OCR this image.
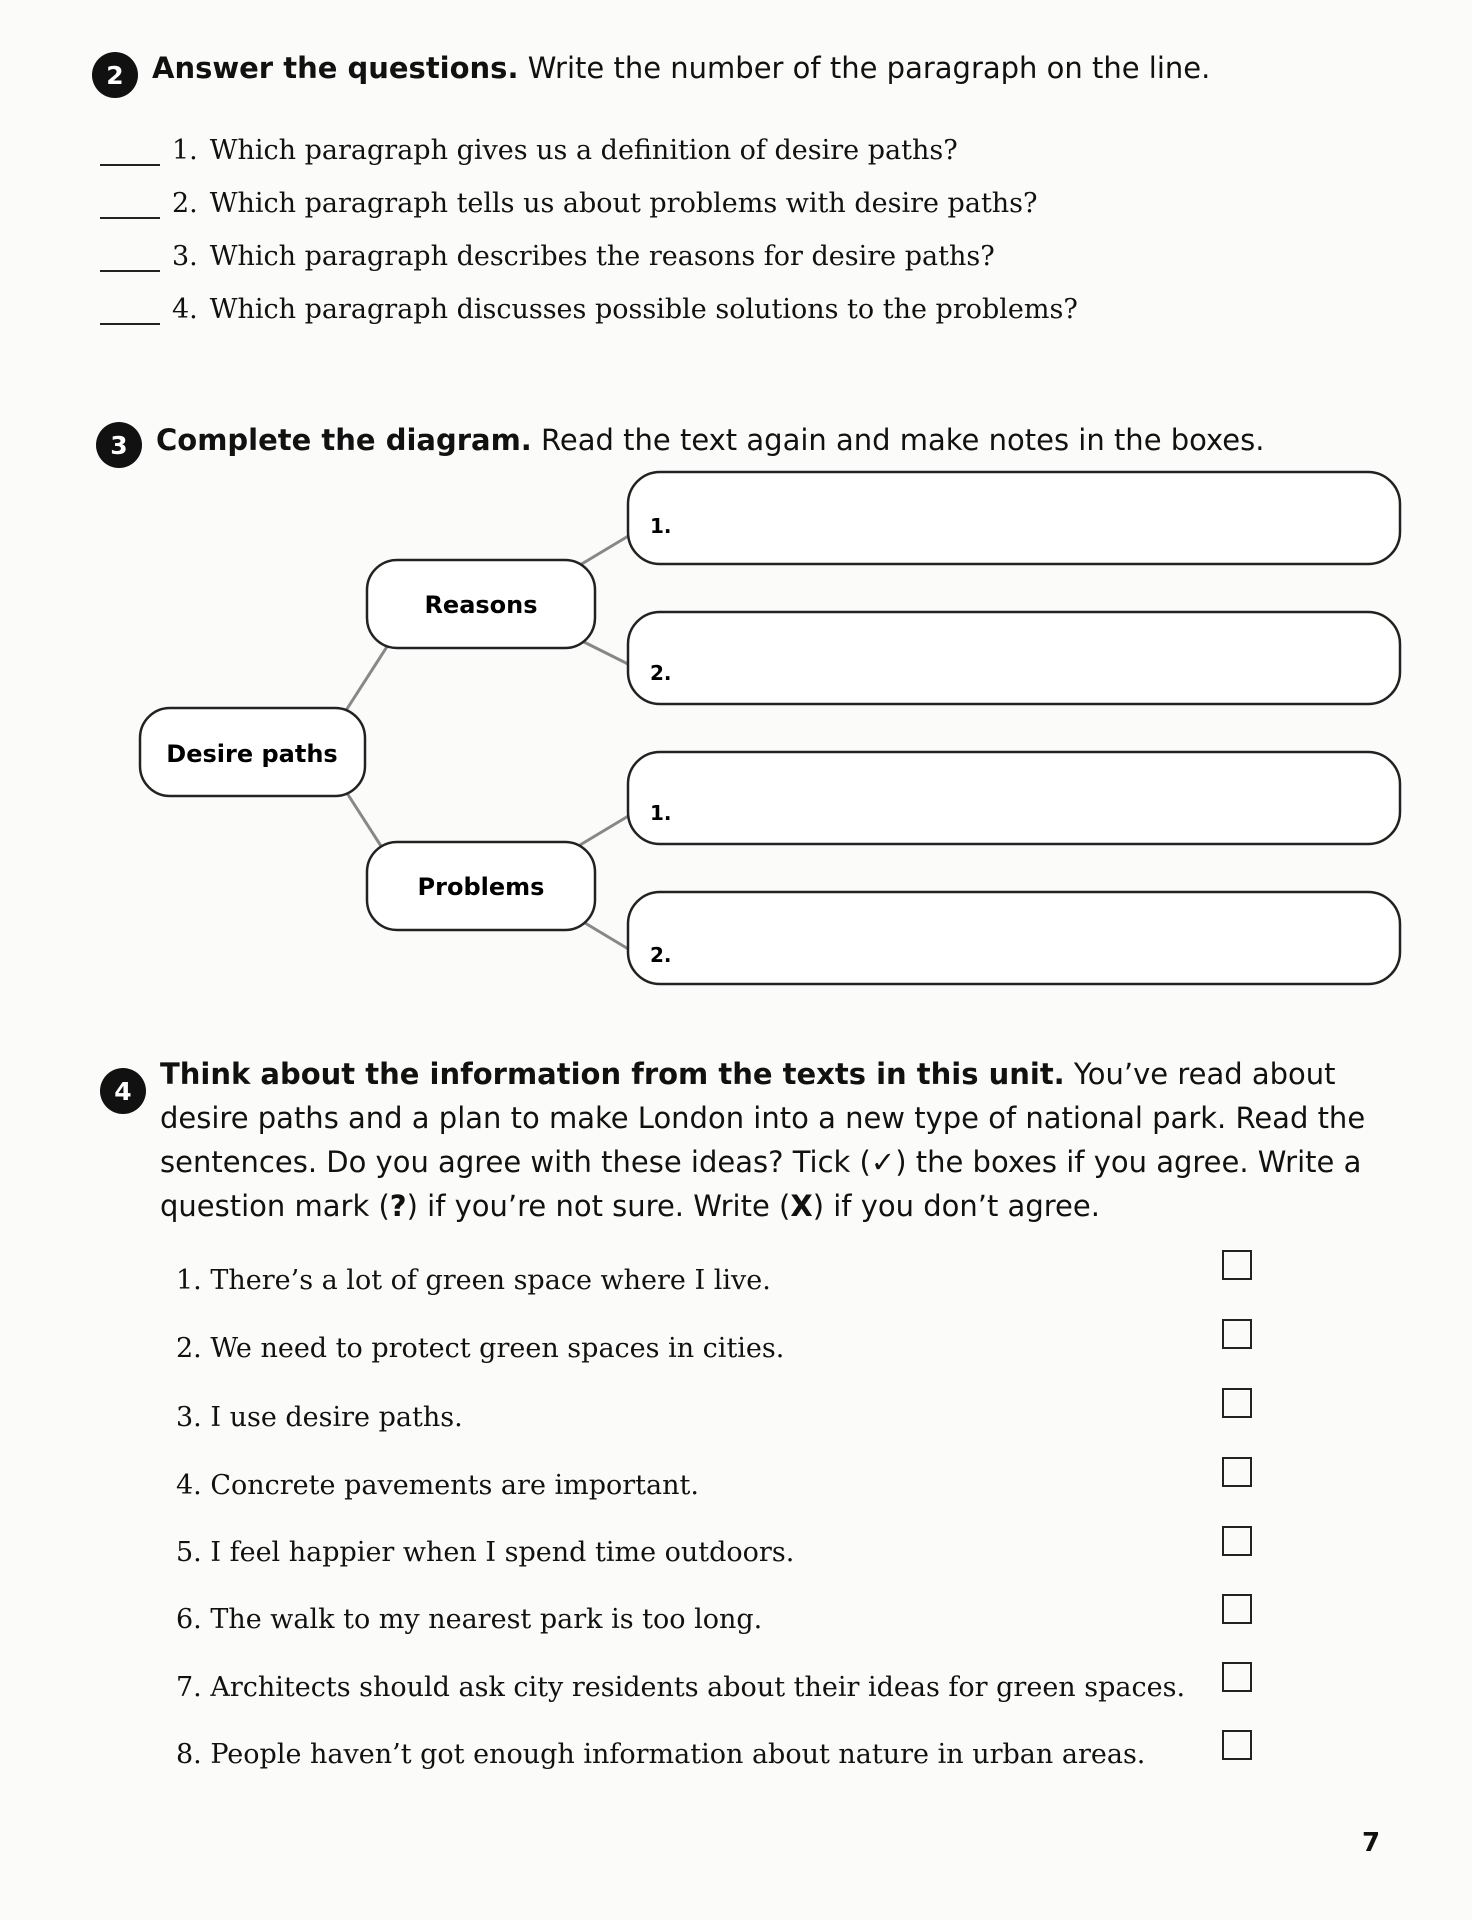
2 Answer the questions. Write the number of the paragraph on the line.
1. Which paragraph gives us a definition of desire paths?
2. Which paragraph tells us about problems with desire paths?
3. Which paragraph describes the reasons for desire paths?
4. Which paragraph discusses possible solutions to the problems?
3 Complete the diagram. Read the text again and make notes in the boxes.
Desire paths
Reasons
Problems
1.
2.
1.
2.
4 Think about the information from the texts in this unit. You’ve read about desire paths and a plan to make London into a new type of national park. Read the sentences. Do you agree with these ideas? Tick (✓) the boxes if you agree. Write a question mark (?) if you’re not sure. Write (X) if you don’t agree.
1. There’s a lot of green space where I live.
2. We need to protect green spaces in cities.
3. I use desire paths.
4. Concrete pavements are important.
5. I feel happier when I spend time outdoors.
6. The walk to my nearest park is too long.
7. Architects should ask city residents about their ideas for green spaces.
8. People haven’t got enough information about nature in urban areas.
7
